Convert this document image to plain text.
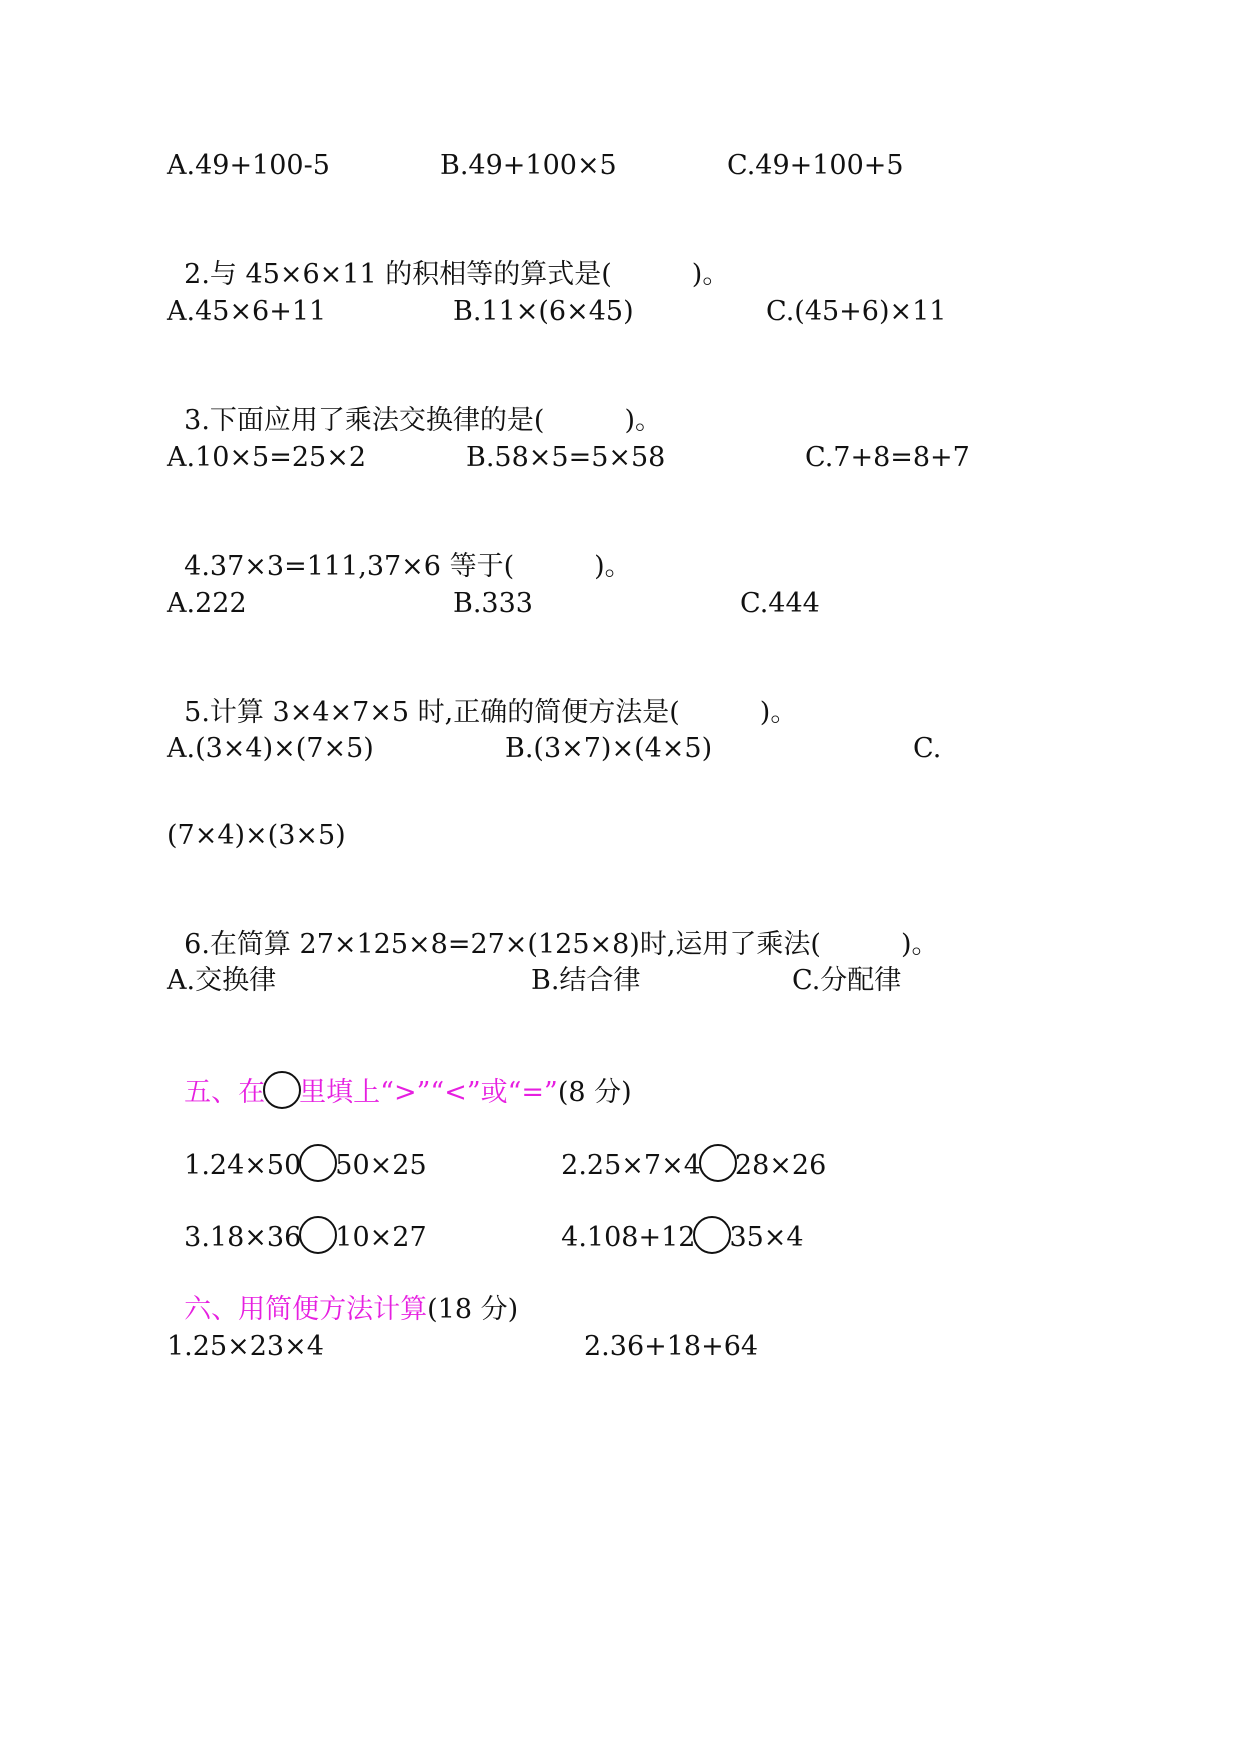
A.49+100-5	B.49+100×5	C.49+100+5

2.与 45×6×11 的积相等的算式是(	)。

A.45×6+11	B.11×(6×45)	C.(45+6)×11

3.下面应用了乘法交换律的是(	)。

A.10×5=25×2	B.58×5=5×58	C.7+8=8+7

4.37×3=111,37×6 等于(	)。

A.222	B.333	C.444

5.计算 3×4×7×5 时,正确的简便方法是(	)。

A.(3×4)×(7×5)	B.(3×7)×(4×5)	C.
(7×4)×(3×5)

6.在简算 27×125×8=27×(125×8)时,运用了乘法(	)。

A.交换律	B.结合律	C.分配律

五、在 里填上“>”“<”或“=”(8 分)

1.24×50 50×25	2.25×7×4 28×26

3.18×36 10×27	4.108+12 35×4

六、用简便方法计算(18 分)

1.25×23×4	2.36+18+64
